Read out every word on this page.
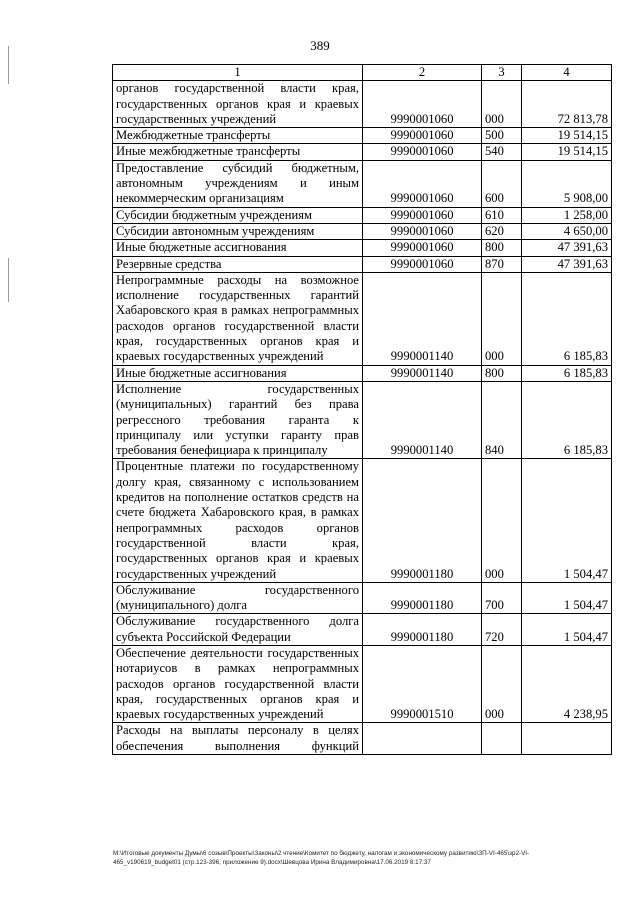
389
1	2	3	4
органов государственной власти края, государственных органов края и краевых государственных учреждений	9990001060	000	72 813,78
Межбюджетные трансферты	9990001060	500	19 514,15
Иные межбюджетные трансферты	9990001060	540	19 514,15
Предоставление субсидий бюджетным, автономным учреждениям и иным некоммерческим организациям	9990001060	600	5 908,00
Субсидии бюджетным учреждениям	9990001060	610	1 258,00
Субсидии автономным учреждениям	9990001060	620	4 650,00
Иные бюджетные ассигнования	9990001060	800	47 391,63
Резервные средства	9990001060	870	47 391,63
Непрограммные расходы на возможное исполнение государственных гарантий Хабаровского края в рамках непрограммных расходов органов государственной власти края, государственных органов края и краевых государственных учреждений	9990001140	000	6 185,83
Иные бюджетные ассигнования	9990001140	800	6 185,83
Исполнение государственных (муниципальных) гарантий без права регрессного требования гаранта к принципалу или уступки гаранту прав требования бенефициара к принципалу	9990001140	840	6 185,83
Процентные платежи по государственному долгу края, связанному с использованием кредитов на пополнение остатков средств на счете бюджета Хабаровского края, в рамках непрограммных расходов органов государственной власти края, государственных органов края и краевых государственных учреждений	9990001180	000	1 504,47
Обслуживание государственного (муниципального) долга	9990001180	700	1 504,47
Обслуживание государственного долга субъекта Российской Федерации	9990001180	720	1 504,47
Обеспечение деятельности государственных нотариусов в рамках непрограммных расходов органов государственной власти края, государственных органов края и краевых государственных учреждений	9990001510	000	4 238,95
Расходы на выплаты персоналу в целях обеспечения выполнения функций			
M:\Итоговые документы Думы\6 созыв\Проекты\Законы\2 чтение\Комитет по бюджету, налогам и экономическому развитию\ЗП-VI-465\зр2-VI-
465_v190619_budget01 (стр.123-396, приложение 9).docx\Шевцова Ирина Владимировна\17.06.2019 8:17:37
